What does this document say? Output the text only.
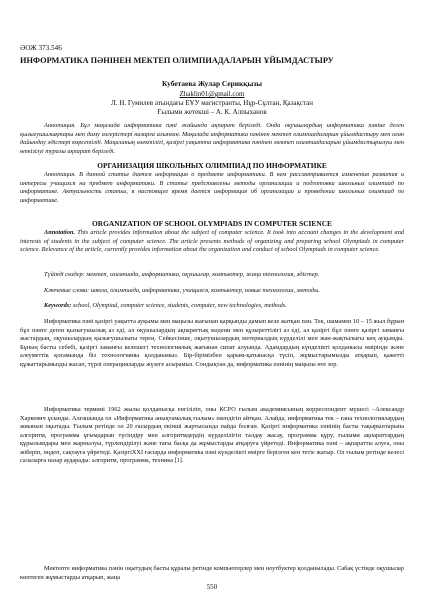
ӘОЖ 373.546
ИНФОРМАТИКА ПӘНІНЕН МЕКТЕП ОЛИМПИАДАЛАРЫН ҰЙЫМДАСТЫРУ
Кубетаева Жулар Серикқызы
Zhaklin01@gmail.com
Л. Н. Гумилев атындағы ЕҰУ магистранты, Нұр-Сұлтан, Қазақстан
Ғылыми жетекші – А. К. Алпыханов
Аннотация. Бұл мақалада информатика пәні жайында ақпарат беріледі. Онда оқушылардың информатика пәніне деген қызығушылықтары мен даму өзгерістері назарға алынған. Мақалада информатика пәнінен мектеп олимпиадаларын ұйымдастыру мен оған дайындау әдістері көрсетілді. Мақаланың өзектілігі, қазіргі уақытта информатика пәнінен мектеп олимпиадаларын ұйымдастырылуы мен өткізілуі туралы ақпарат беріледі.
ОРГАНИЗАЦИЯ ШКОЛЬНЫХ ОЛИМПИАД ПО ИНФОРМАТИКЕ
Аннотация. В данной статье дается информация о предмете информатики. В нем рассматривается изменения развития и интересы учащихся на предмет информатики. В статье представлены методы организации и подготовки школьных олимпиад по информатике. Актуальность статьи, в настоящее время дается информация об организации и проведении школьных олимпиад по информатике.
ORGANIZATION OF SCHOOL OLYMPIADS IN COMPUTER SCIENCE
Annotation. This article provides information about the subject of computer science. It took into account changes in the development and interests of students in the subject of computer science. The article presents methods of organizing and preparing school Olympiads in computer science. Relevance of the article, currently provides information about the organization and conduct of school Olympiads in computer science.
Түйінді сөздер: мектеп, олимпиада, информатика, оқушылар, компьютер, жаңа технология, әдістер.
Ключевые слова: школа, олимпиада, информатика, учащиеся, компьютер, новые технологии, методы.
Keywords: school, Olympiad, computer science, students, computer, new technologies, methods.
Информатика пәні қазіргі уақытта ауқымы мен маңызы жағынан қарқынды дамып келе жатқан пән. Тек, шамамен 10 – 15 жыл бұрын бұл пәнге деген қызығушылық аз еді, ал оқушылардың ақпараттық мәдени мен құзыреттілігі аз еді, ал қазіргі бұл пәнге қазіргі заманғы жастардың, оқушылардың қызығушылығы терең. Сейкесінше, оқытушылардың мәтериалдың күрделілі мен жан-жақтылығы кең ауқымды. Бұның басты себебі, қазіргі заманғы келешегі технологиялық жағынан сипат алуында. Адамдардың күнделікті қолданысы өмірінде және алеуметтік қоғамында біз технологияны қолданамыз. Бір-бірімізбен қарым-қатынасқа түсіп, жұмыстарымызды атқарып, қажетті құжаттарымызды жасап, түрлі операцияларды жүзеге асырамыз. Сондықтан да, информатика пәнінің маңызы өте зор.
Информатика термині 1962 жылы қолданысқа енгізіліп, оны КСРО ғылым академиясының корреспондент мүшесі –Александр Харкевич ұсынды. Алғашында ол «Информатика анықтамалық ғылым» екендігін айтқан. Алайда, информатика тек – ғана технологиялардың жиынын оқытады. Ғылым ретінде ол 20 ғасырдың екінші жартысында пайда болған. Қазіргі информатика пәнінің басты тақырыптарына алгоритм, программа ұғымдарын түсіндіру мен алгоритмдердің күрделілігін талдау жасау, программа құру, ғылыми ақпараттардың құрылымдары мен жарнылуы, түрлендірілуі және тағы басқа да жұмыстарды атқаруға үйретеді. Информатика пәні – ақпаратты алуға, оны жіберіп, өңдеп, сақтауға үйретеді. ҚазіргіXXI ғасырда информатика пәні күнделікті өмірге берілген кен тетіе жатыр. Ол ғылым ретінде келесі салаларға назар аударады: алгоритм, программа, техника [1].
Мектепте информатика пәнін оқытудың басты құралы ретінде компьютерлер мен ноутбуктер қолданылады. Сабақ үстінде оқушылар көптеген жұмыстарды атқарып, жаңа
550
